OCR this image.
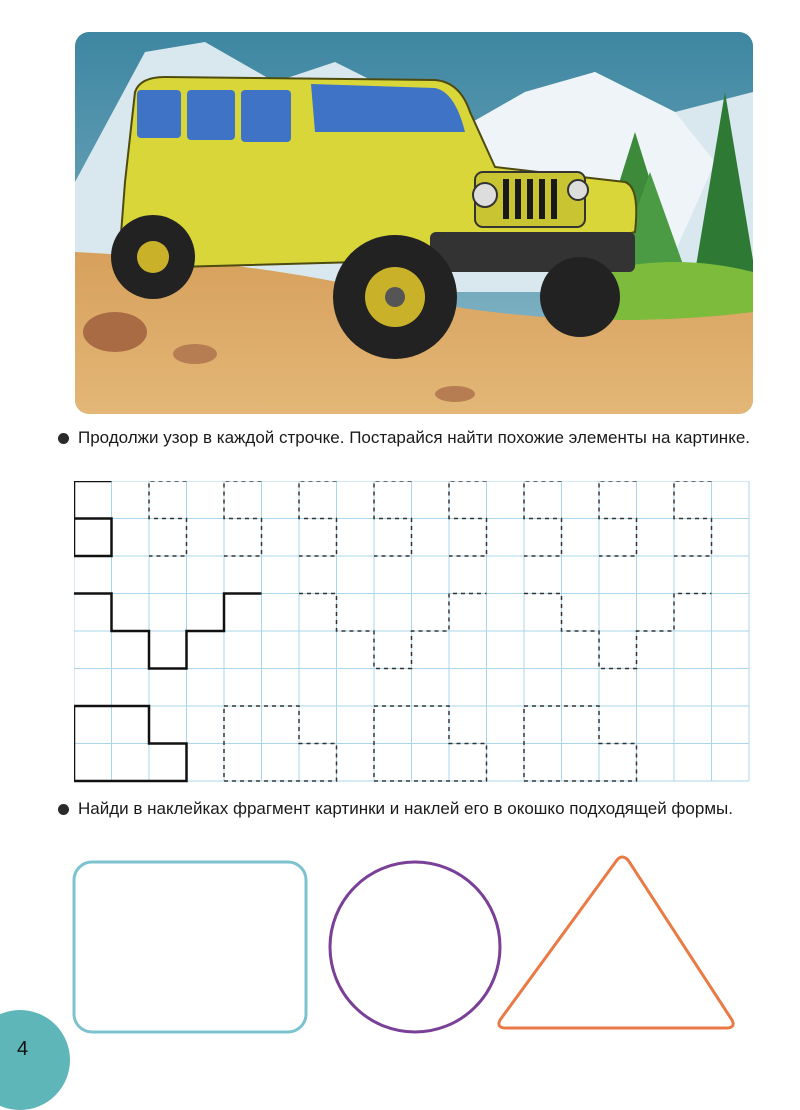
Продолжи узор в каждой строчке. Постарайся найти похожие элементы на картинке.
Найди в наклейках фрагмент картинки и наклей его в окошко подходящей формы.
4
